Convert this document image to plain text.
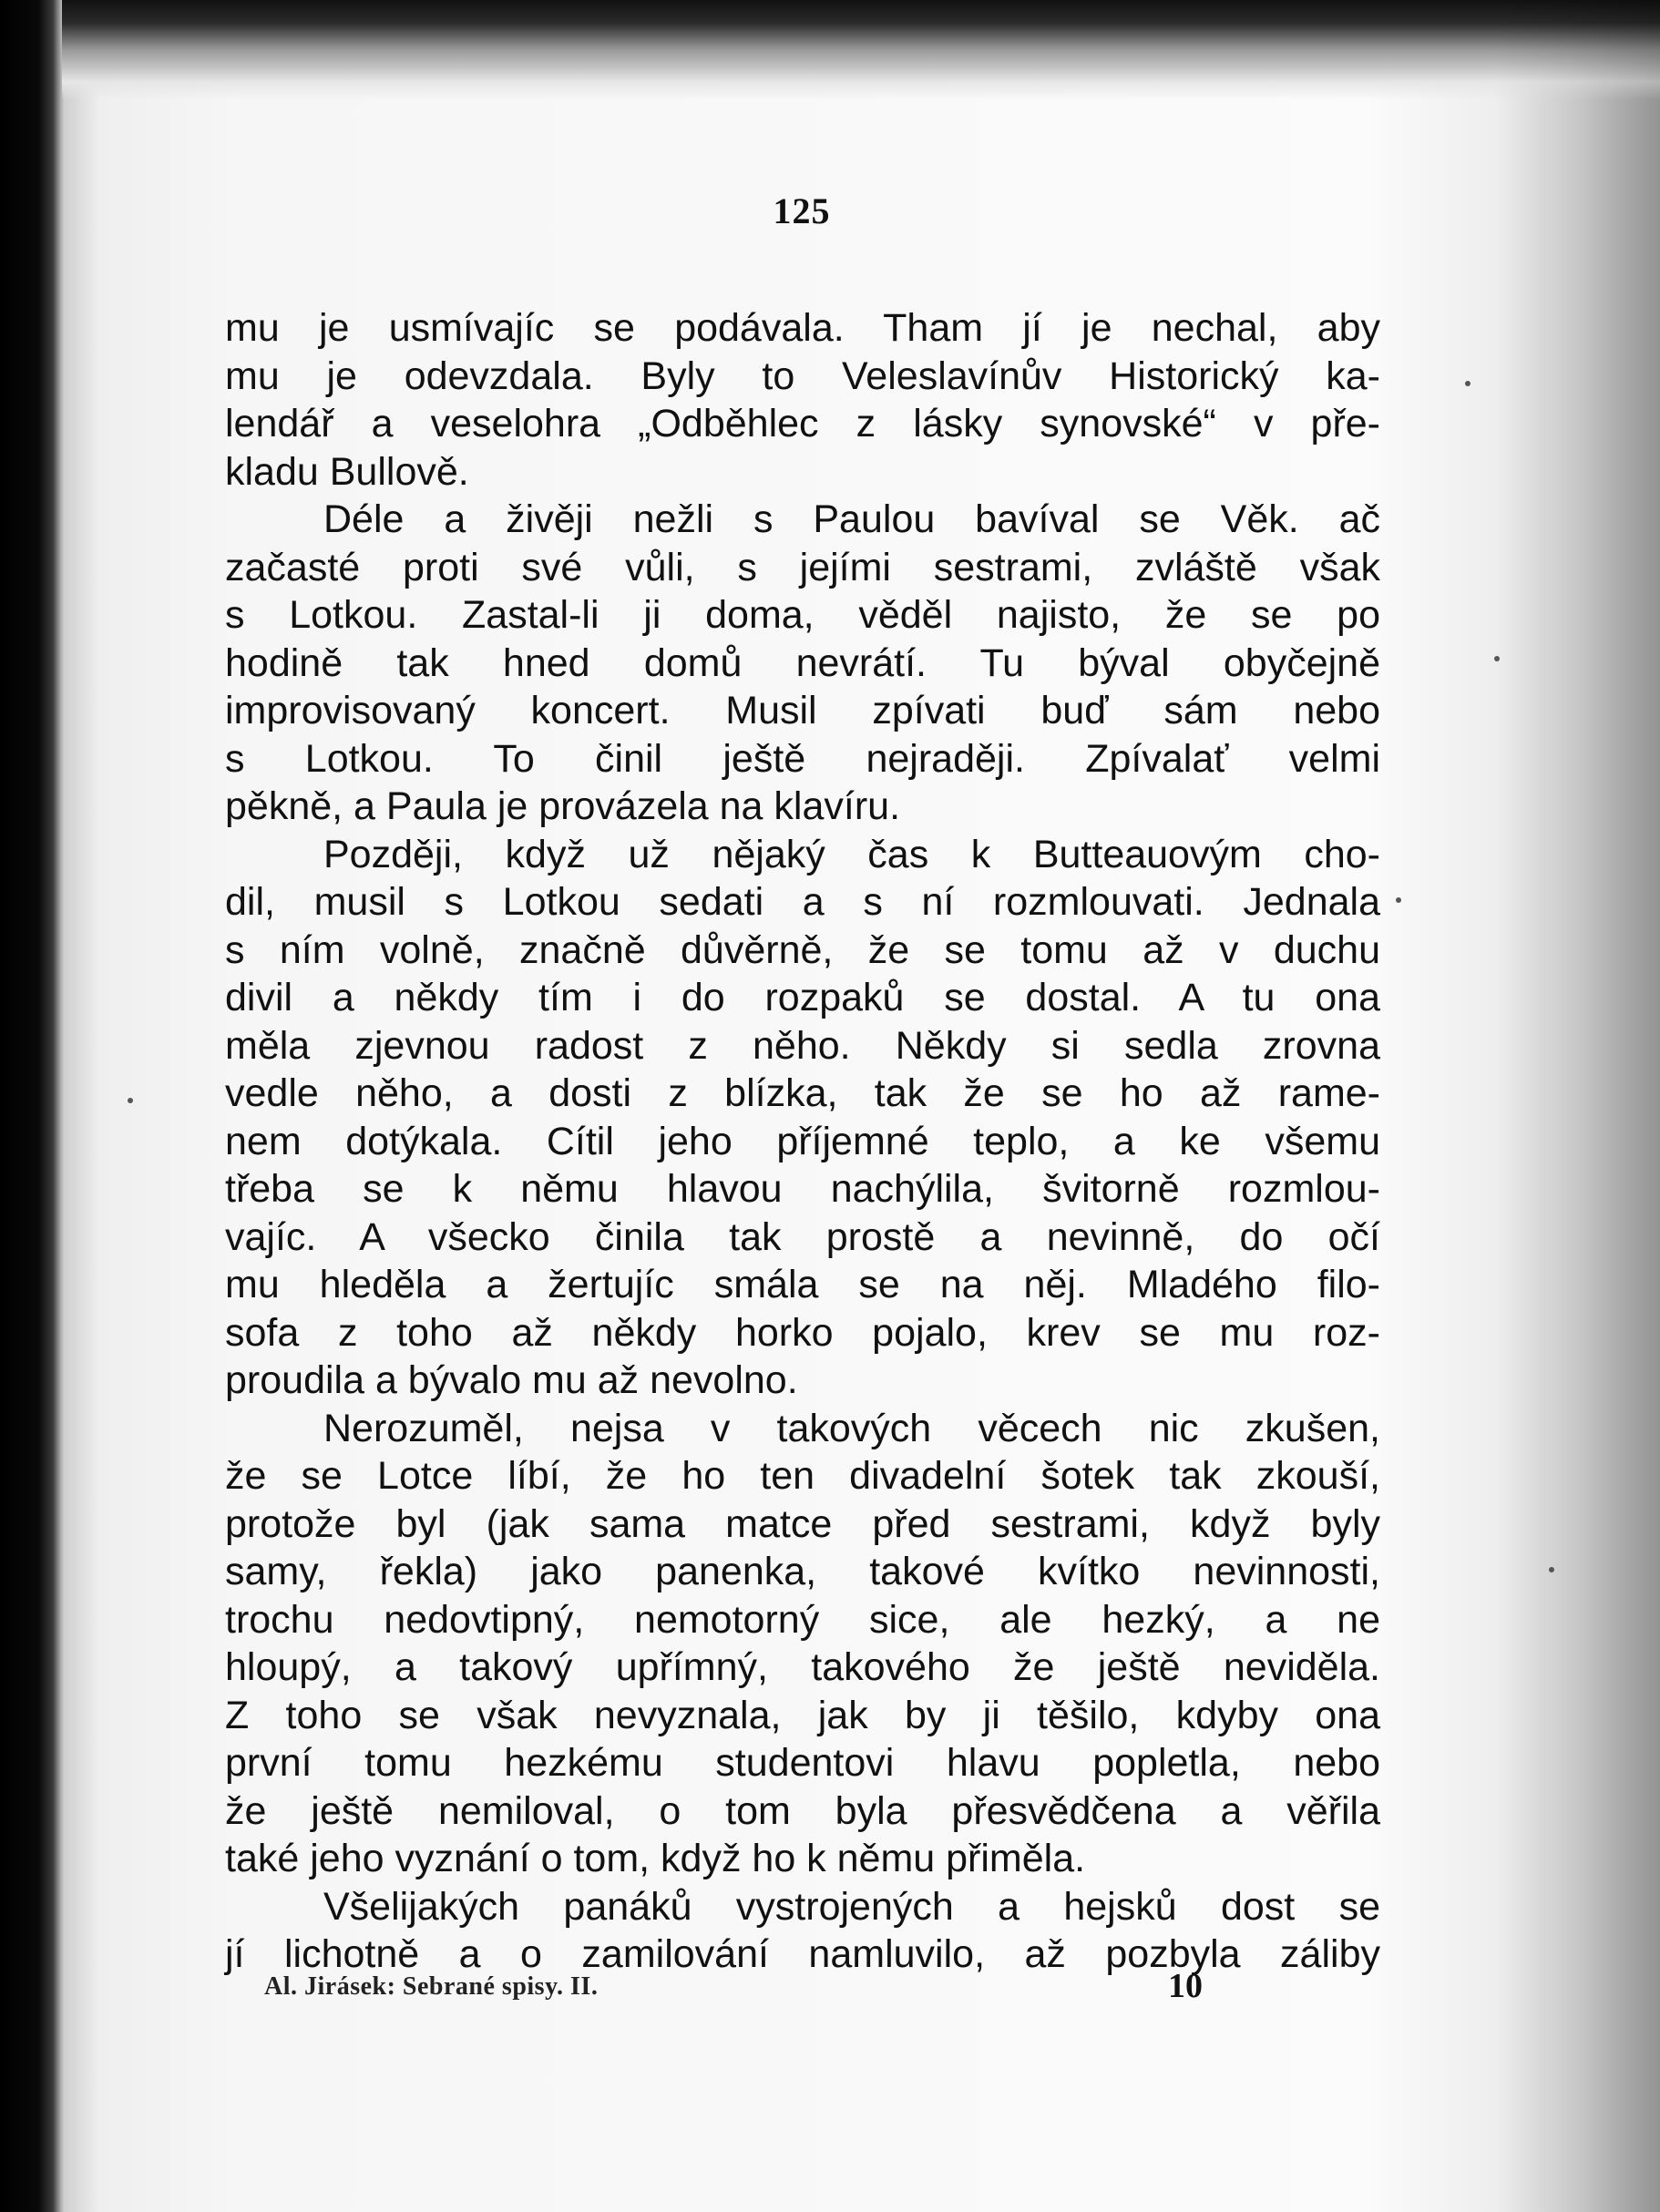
125
mu je usmívajíc se podávala. Tham jí je nechal, aby
mu je odevzdala. Byly to Veleslavínův Historický ka-
lendář a veselohra „Odběhlec z lásky synovské“ v pře-
kladu Bullově.
Déle a živěji nežli s Paulou bavíval se Věk. ač
začasté proti své vůli, s jejími sestrami, zvláště však
s Lotkou. Zastal-li ji doma, věděl najisto, že se po
hodině tak hned domů nevrátí. Tu býval obyčejně
improvisovaný koncert. Musil zpívati buď sám nebo
s Lotkou. To činil ještě nejraději. Zpívalať velmi
pěkně, a Paula je provázela na klavíru.
Později, když už nějaký čas k Butteauovým cho-
dil, musil s Lotkou sedati a s ní rozmlouvati. Jednala
s ním volně, značně důvěrně, že se tomu až v duchu
divil a někdy tím i do rozpaků se dostal. A tu ona
měla zjevnou radost z něho. Někdy si sedla zrovna
vedle něho, a dosti z blízka, tak že se ho až rame-
nem dotýkala. Cítil jeho příjemné teplo, a ke všemu
třeba se k němu hlavou nachýlila, švitorně rozmlou-
vajíc. A všecko činila tak prostě a nevinně, do očí
mu hleděla a žertujíc smála se na něj. Mladého filo-
sofa z toho až někdy horko pojalo, krev se mu roz-
proudila a bývalo mu až nevolno.
Nerozuměl, nejsa v takových věcech nic zkušen,
že se Lotce líbí, že ho ten divadelní šotek tak zkouší,
protože byl (jak sama matce před sestrami, když byly
samy, řekla) jako panenka, takové kvítko nevinnosti,
trochu nedovtipný, nemotorný sice, ale hezký, a ne
hloupý, a takový upřímný, takového že ještě neviděla.
Z toho se však nevyznala, jak by ji těšilo, kdyby ona
první tomu hezkému studentovi hlavu popletla, nebo
že ještě nemiloval, o tom byla přesvědčena a věřila
také jeho vyznání o tom, když ho k němu přiměla.
Všelijakých panáků vystrojených a hejsků dost se
jí lichotně a o zamilování namluvilo, až pozbyla záliby
Al. Jirásek: Sebrané spisy. II.	10
